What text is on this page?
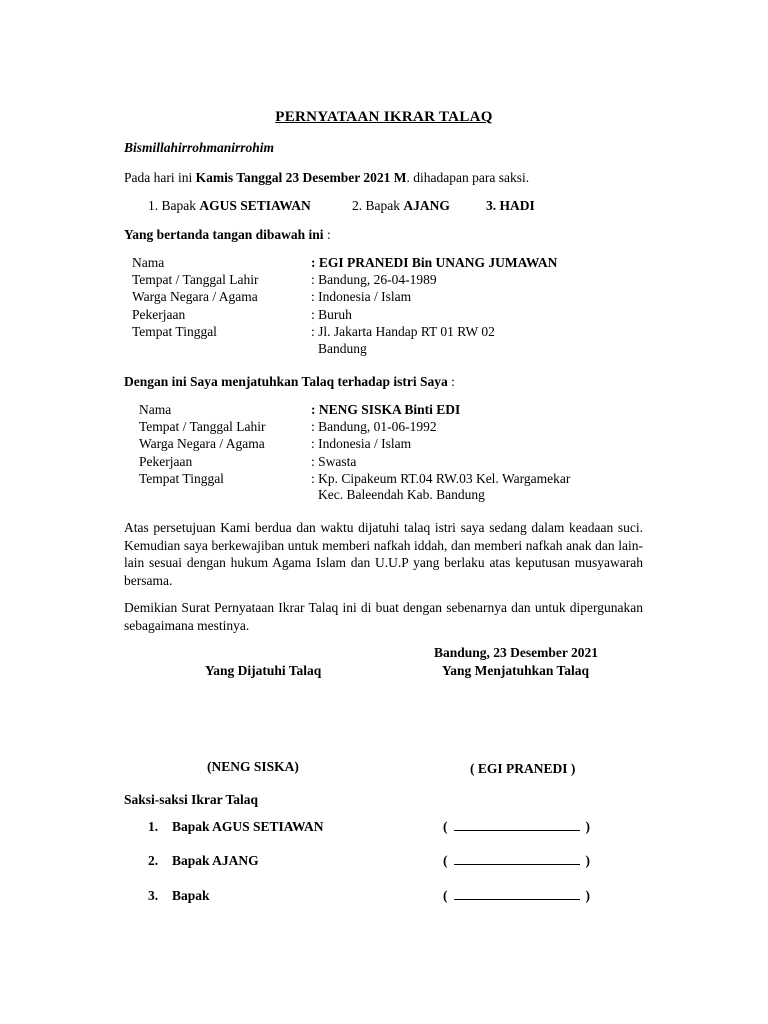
PERNYATAAN IKRAR TALAQ
Bismillahirrohmanirrohim
Pada hari ini Kamis Tanggal 23 Desember 2021 M. dihadapan para saksi.
1. Bapak AGUS SETIAWAN	2. Bapak AJANG	3. HADI
Yang bertanda tangan dibawah ini :
Nama	: EGI PRANEDI Bin UNANG JUMAWAN
Tempat / Tanggal Lahir	: Bandung, 26-04-1989
Warga Negara / Agama	: Indonesia / Islam
Pekerjaan	: Buruh
Tempat Tinggal	: Jl. Jakarta Handap RT 01 RW 02
Bandung
Dengan ini Saya menjatuhkan Talaq terhadap istri Saya :
Nama	: NENG SISKA Binti EDI
Tempat / Tanggal Lahir	: Bandung, 01-06-1992
Warga Negara / Agama	: Indonesia / Islam
Pekerjaan	: Swasta
Tempat Tinggal	: Kp. Cipakeum RT.04 RW.03 Kel. Wargamekar
Kec. Baleendah Kab. Bandung

Atas persetujuan Kami berdua dan waktu dijatuhi talaq istri saya sedang dalam keadaan suci. Kemudian saya berkewajiban untuk memberi nafkah iddah, dan memberi nafkah anak dan lain-lain sesuai dengan hukum Agama Islam dan U.U.P yang berlaku atas keputusan musyawarah bersama.

Demikian Surat Pernyataan Ikrar Talaq ini di buat dengan sebenarnya dan untuk dipergunakan sebagaimana mestinya.

Bandung, 23 Desember 2021
Yang Dijatuhi Talaq	Yang Menjatuhkan Talaq
(NENG SISKA)	( EGI PRANEDI )
Saksi-saksi Ikrar Talaq
1. Bapak AGUS SETIAWAN	(	)
2. Bapak AJANG	(	)
3. Bapak	(	)
